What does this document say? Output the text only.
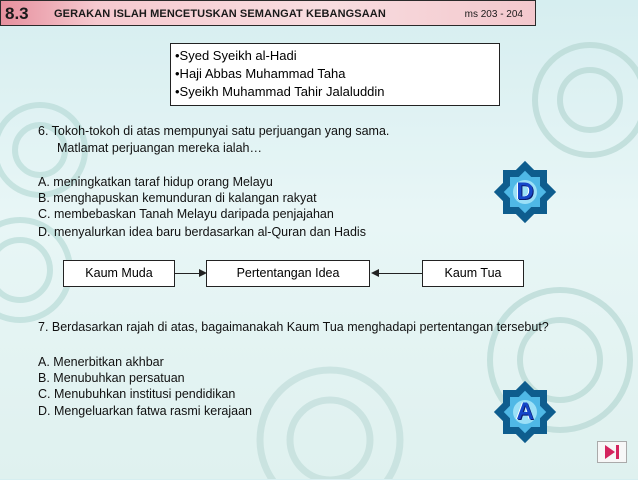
8.3 GERAKAN ISLAH MENCETUSKAN SEMANGAT KEBANGSAAN	ms 203 - 204
•Syed Syeikh al-Hadi
•Haji Abbas Muhammad Taha
•Syeikh Muhammad Tahir Jalaluddin
6. Tokoh-tokoh di atas mempunyai satu perjuangan yang sama.
Matlamat perjuangan mereka ialah…
A. meningkatkan taraf hidup orang Melayu
B. menghapuskan kemunduran di kalangan rakyat
C. membebaskan Tanah Melayu daripada penjajahan
D. menyalurkan idea baru berdasarkan al-Quran dan Hadis
D
Kaum Muda	Pertentangan Idea	Kaum Tua
7. Berdasarkan rajah di atas, bagaimanakah Kaum Tua menghadapi pertentangan tersebut?
A. Menerbitkan akhbar
B. Menubuhkan persatuan
C. Menubuhkan institusi pendidikan
D. Mengeluarkan fatwa rasmi kerajaan	A
